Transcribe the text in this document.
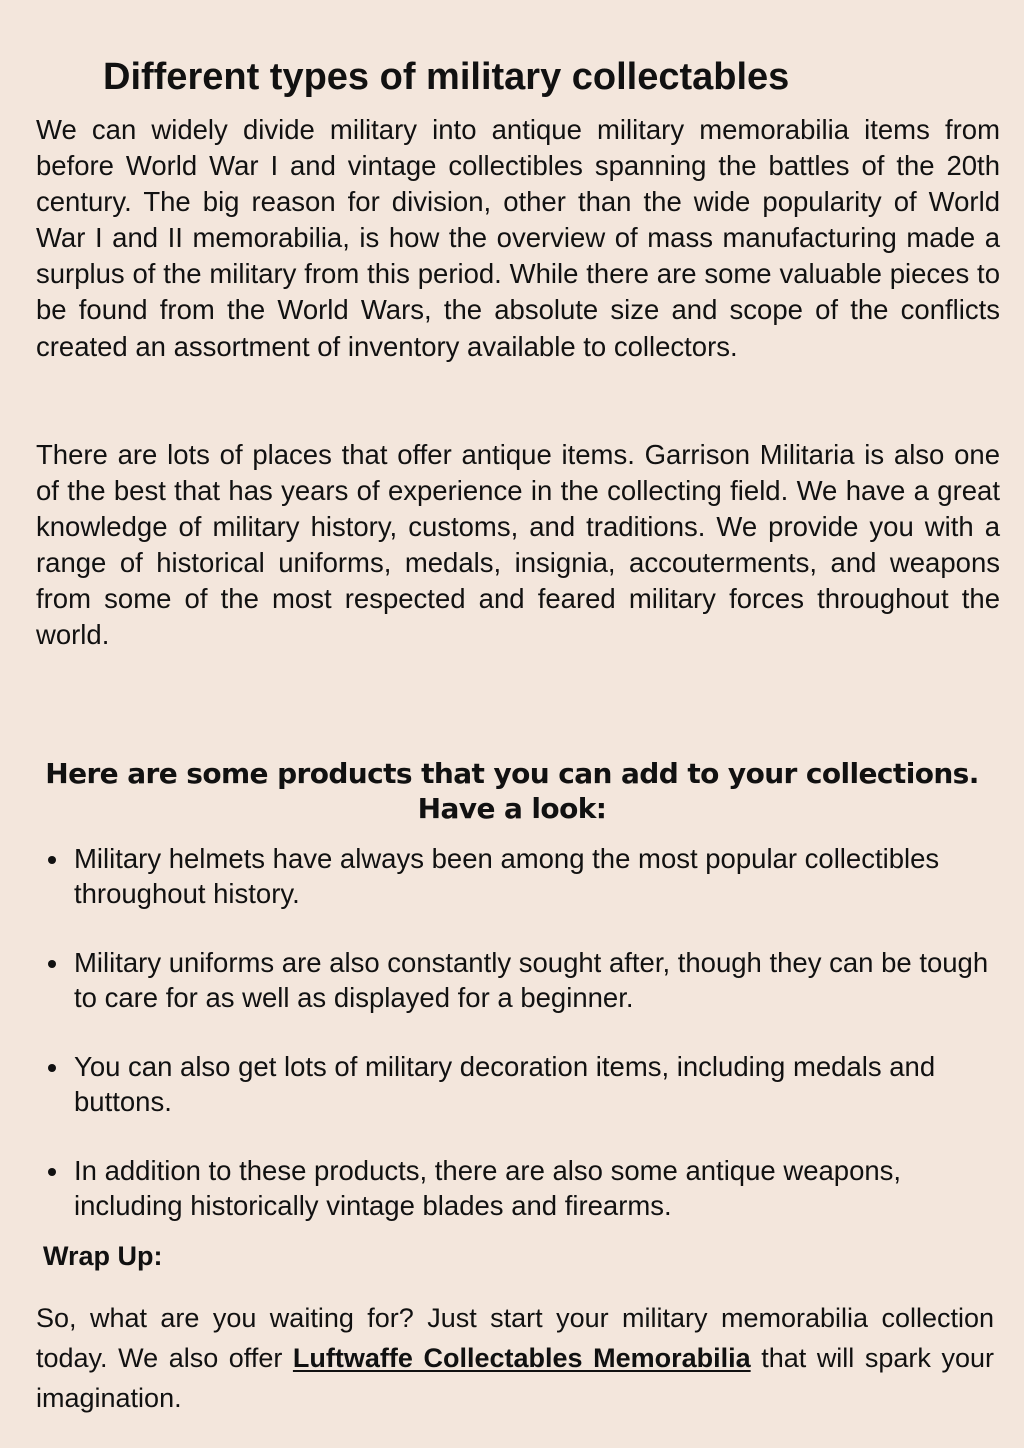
Different types of military collectables

We can widely divide military into antique military memorabilia items from before World War I and vintage collectibles spanning the battles of the 20th century. The big reason for division, other than the wide popularity of World War I and II memorabilia, is how the overview of mass manufacturing made a surplus of the military from this period. While there are some valuable pieces to be found from the World Wars, the absolute size and scope of the conflicts created an assortment of inventory available to collectors.

There are lots of places that offer antique items. Garrison Militaria is also one of the best that has years of experience in the collecting field. We have a great knowledge of military history, customs, and traditions. We provide you with a range of historical uniforms, medals, insignia, accouterments, and weapons from some of the most respected and feared military forces throughout the world.

Here are some products that you can add to your collections.
Have a look:
Military helmets have always been among the most popular collectibles throughout history.
Military uniforms are also constantly sought after, though they can be tough to care for as well as displayed for a beginner.
You can also get lots of military decoration items, including medals and buttons.
In addition to these products, there are also some antique weapons, including historically vintage blades and firearms.
Wrap Up:

So, what are you waiting for? Just start your military memorabilia collection today. We also offer Luftwaffe Collectables Memorabilia that will spark your imagination.
